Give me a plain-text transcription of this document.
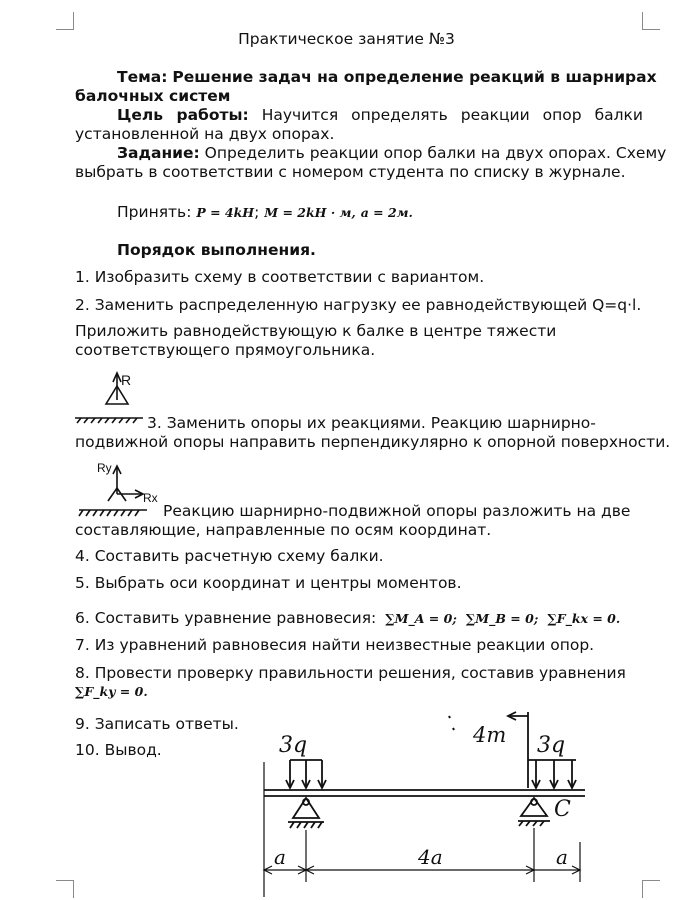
Практическое занятие №3
Тема: Решение задач на определение реакций в шарнирах
балочных систем
Цель работы: Научится определять реакции опор балки
установленной на двух опорах.
Задание: Определить реакции опор балки на двух опорах. Схему
выбрать в соответствии с номером студента по списку в журнале.
Принять: P = 4kH; M = 2kH · м, a = 2м.
Порядок выполнения.
1. Изобразить схему в соответствии с вариантом.
2. Заменить распределенную нагрузку ее равнодействующей Q=q·l.
Приложить равнодействующую к балке в центре тяжести
соответствующего прямоугольника.
R
3. Заменить опоры их реакциями. Реакцию шарнирно-
подвижной опоры направить перпендикулярно к опорной поверхности.
Ry
Rx
Реакцию шарнирно-подвижной опоры разложить на две
составляющие, направленные по осям координат.
4. Составить расчетную схему балки.
5. Выбрать оси координат и центры моментов.
6. Составить уравнение равновесия: ∑M_A = 0; ∑M_B = 0; ∑F_kx = 0.
7. Из уравнений равновесия найти неизвестные реакции опор.
8. Провести проверку правильности решения, составив уравнения
∑F_ky = 0.
9. Записать ответы.
10. Вывод.	3q	4m 3q
C
a	4a	a
